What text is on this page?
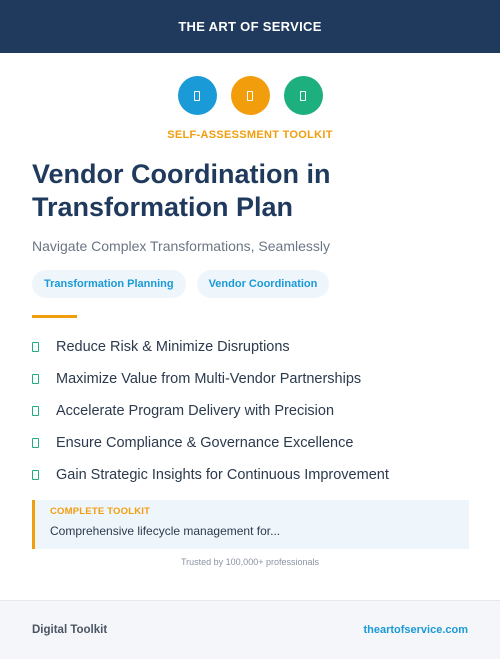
THE ART OF SERVICE
SELF-ASSESSMENT TOOLKIT
Vendor Coordination in Transformation Plan
Navigate Complex Transformations, Seamlessly
Transformation Planning	Vendor Coordination
Reduce Risk & Minimize Disruptions
Maximize Value from Multi-Vendor Partnerships
Accelerate Program Delivery with Precision
Ensure Compliance & Governance Excellence
Gain Strategic Insights for Continuous Improvement
COMPLETE TOOLKIT
Comprehensive lifecycle management for...
Trusted by 100,000+ professionals
Digital Toolkit	theartofservice.com
